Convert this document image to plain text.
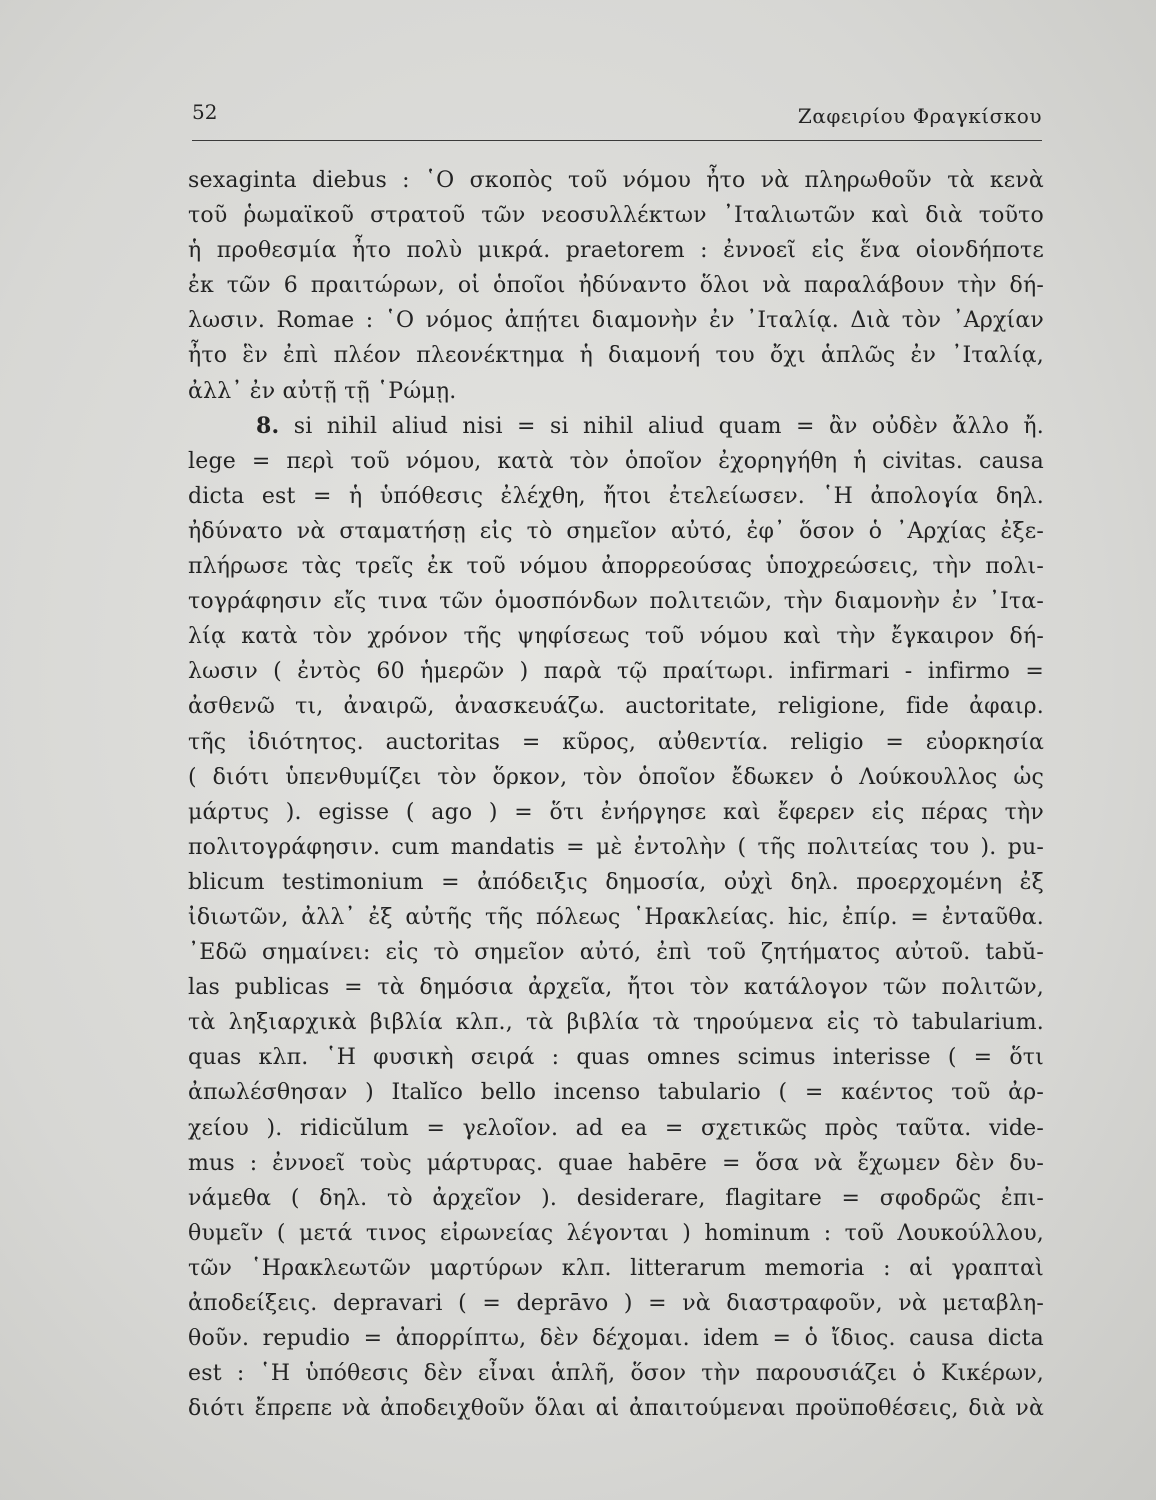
52	Ζαφειρίου Φραγκίσκου
sexaginta diebus : ῾Ο σκοπὸς τοῦ νόμου ἦτο νὰ πληρωθοῦν τὰ κενὰ
τοῦ ῥωμαϊκοῦ στρατοῦ τῶν νεοσυλλέκτων ᾿Ιταλιωτῶν καὶ διὰ τοῦτο
ἡ προθεσμία ἦτο πολὺ μικρά. praetorem : ἐννοεῖ εἰς ἕνα οἱονδήποτε
ἐκ τῶν 6 πραιτώρων, οἱ ὁποῖοι ἠδύναντο ὅλοι νὰ παραλάβουν τὴν δή-
λωσιν. Romae : ῾Ο νόμος ἀπῄτει διαμονὴν ἐν ᾿Ιταλίᾳ. Διὰ τὸν ᾿Αρχίαν
ἦτο ἓν ἐπὶ πλέον πλεονέκτημα ἡ διαμονή του ὄχι ἁπλῶς ἐν ᾿Ιταλίᾳ,
ἀλλ᾿ ἐν αὐτῇ τῇ ῾Ρώμῃ.
8. si nihil aliud nisi = si nihil aliud quam = ἂν οὐδὲν ἄλλο ἤ.
lege = περὶ τοῦ νόμου, κατὰ τὸν ὁποῖον ἐχορηγήθη ἡ civitas. causa
dicta est = ἡ ὑπόθεσις ἐλέχθη, ἤτοι ἐτελείωσεν. ῾Η ἀπολογία δηλ.
ἠδύνατο νὰ σταματήσῃ εἰς τὸ σημεῖον αὐτό, ἐφ᾿ ὅσον ὁ ᾿Αρχίας ἐξε-
πλήρωσε τὰς τρεῖς ἐκ τοῦ νόμου ἀπορρεούσας ὑποχρεώσεις, τὴν πολι-
τογράφησιν εἴς τινα τῶν ὁμοσπόνδων πολιτειῶν, τὴν διαμονὴν ἐν ᾿Ιτα-
λίᾳ κατὰ τὸν χρόνον τῆς ψηφίσεως τοῦ νόμου καὶ τὴν ἔγκαιρον δή-
λωσιν ( ἐντὸς 60 ἡμερῶν ) παρὰ τῷ πραίτωρι. infirmari - infirmo =
ἀσθενῶ τι, ἀναιρῶ, ἀνασκευάζω. auctoritate, religione, fide ἀφαιρ.
τῆς ἰδιότητος. auctoritas = κῦρος, αὐθεντία. religio = εὐορκησία
( διότι ὑπενθυμίζει τὸν ὅρκον, τὸν ὁποῖον ἔδωκεν ὁ Λούκουλλος ὡς
μάρτυς ). egisse ( ago ) = ὅτι ἐνήργησε καὶ ἔφερεν εἰς πέρας τὴν
πολιτογράφησιν. cum mandatis = μὲ ἐντολὴν ( τῆς πολιτείας του ). pu-
blicum testimonium = ἀπόδειξις δημοσία, οὐχὶ δηλ. προερχομένη ἐξ
ἰδιωτῶν, ἀλλ᾿ ἐξ αὐτῆς τῆς πόλεως ῾Ηρακλείας. hic, ἐπίρ. = ἐνταῦθα.
᾿Εδῶ σημαίνει: εἰς τὸ σημεῖον αὐτό, ἐπὶ τοῦ ζητήματος αὐτοῦ. tabŭ-
las publicas = τὰ δημόσια ἀρχεῖα, ἤτοι τὸν κατάλογον τῶν πολιτῶν,
τὰ ληξιαρχικὰ βιβλία κλπ., τὰ βιβλία τὰ τηρούμενα εἰς τὸ tabularium.
quas κλπ. ῾Η φυσικὴ σειρά : quas omnes scimus interisse ( = ὅτι
ἀπωλέσθησαν ) Italĭco bello incenso tabulario ( = καέντος τοῦ ἀρ-
χείου ). ridicŭlum = γελοῖον. ad ea = σχετικῶς πρὸς ταῦτα. vide-
mus : ἐννοεῖ τοὺς μάρτυρας. quae habēre = ὅσα νὰ ἔχωμεν δὲν δυ-
νάμεθα ( δηλ. τὸ ἀρχεῖον ). desiderare, flagitare = σφοδρῶς ἐπι-
θυμεῖν ( μετά τινος εἰρωνείας λέγονται ) hominum : τοῦ Λουκούλλου,
τῶν ῾Ηρακλεωτῶν μαρτύρων κλπ. litterarum memoria : αἱ γραπταὶ
ἀποδείξεις. depravari ( = deprāvo ) = νὰ διαστραφοῦν, νὰ μεταβλη-
θοῦν. repudio = ἀπορρίπτω, δὲν δέχομαι. idem = ὁ ἴδιος. causa dicta
est : ῾Η ὑπόθεσις δὲν εἶναι ἁπλῆ, ὅσον τὴν παρουσιάζει ὁ Κικέρων,
διότι ἔπρεπε νὰ ἀποδειχθοῦν ὅλαι αἱ ἀπαιτούμεναι προϋποθέσεις, διὰ νὰ
